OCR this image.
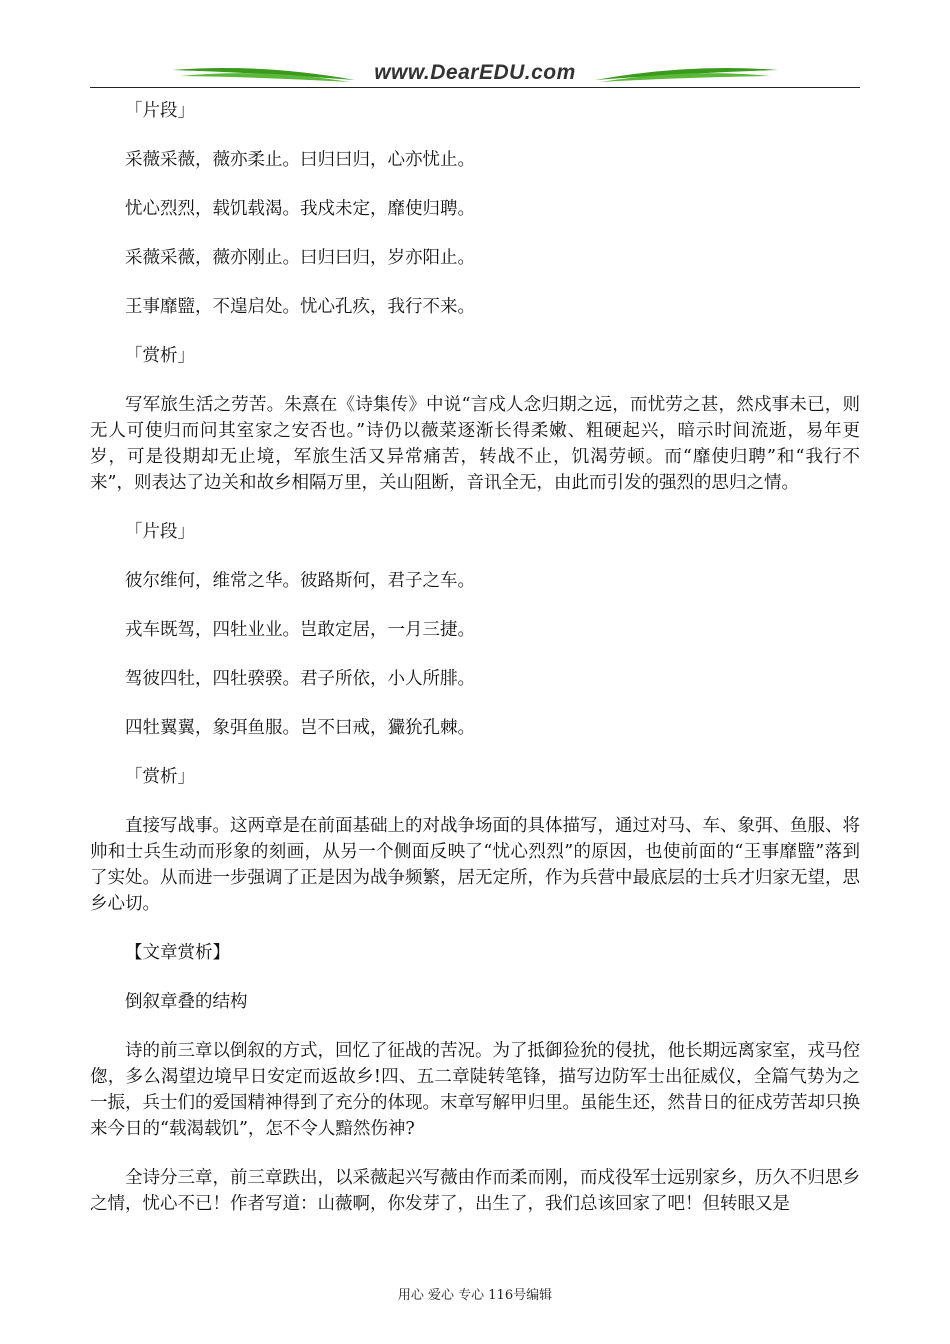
www.DearEDU.com

「片段」

采薇采薇，薇亦柔止。曰归曰归，心亦忧止。

忧心烈烈，载饥载渴。我戍未定，靡使归聘。

采薇采薇，薇亦刚止。曰归曰归，岁亦阳止。

王事靡盬，不遑启处。忧心孔疚，我行不来。

「赏析」

写军旅生活之劳苦。朱熹在《诗集传》中说“言戍人念归期之远，而忧劳之甚，然戍事未已，则无人可使归而问其室家之安否也。”诗仍以薇菜逐渐长得柔嫩、粗硬起兴，暗示时间流逝，易年更岁，可是役期却无止境，军旅生活又异常痛苦，转战不止，饥渴劳顿。而“靡使归聘”和“我行不来”，则表达了边关和故乡相隔万里，关山阻断，音讯全无，由此而引发的强烈的思归之情。

「片段」

彼尔维何，维常之华。彼路斯何，君子之车。

戎车既驾，四牡业业。岂敢定居，一月三捷。

驾彼四牡，四牡骙骙。君子所依，小人所腓。

四牡翼翼，象弭鱼服。岂不曰戒，玁狁孔棘。

「赏析」

直接写战事。这两章是在前面基础上的对战争场面的具体描写，通过对马、车、象弭、鱼服、将帅和士兵生动而形象的刻画，从另一个侧面反映了“忧心烈烈”的原因，也使前面的“王事靡盬”落到了实处。从而进一步强调了正是因为战争频繁，居无定所，作为兵营中最底层的士兵才归家无望，思乡心切。

【文章赏析】

倒叙章叠的结构

诗的前三章以倒叙的方式，回忆了征战的苦况。为了抵御猃狁的侵扰，他长期远离家室，戎马倥偬，多么渴望边境早日安定而返故乡!四、五二章陡转笔锋，描写边防军士出征威仪，全篇气势为之一振，兵士们的爱国精神得到了充分的体现。末章写解甲归里。虽能生还，然昔日的征戍劳苦却只换来今日的“载渴载饥”，怎不令人黯然伤神?

全诗分三章，前三章跌出，以采薇起兴写薇由作而柔而刚，而戍役军士远别家乡，历久不归思乡之情，忧心不已！作者写道：山薇啊，你发芽了，出生了，我们总该回家了吧！但转眼又是

用心 爱心 专心 116号编辑
